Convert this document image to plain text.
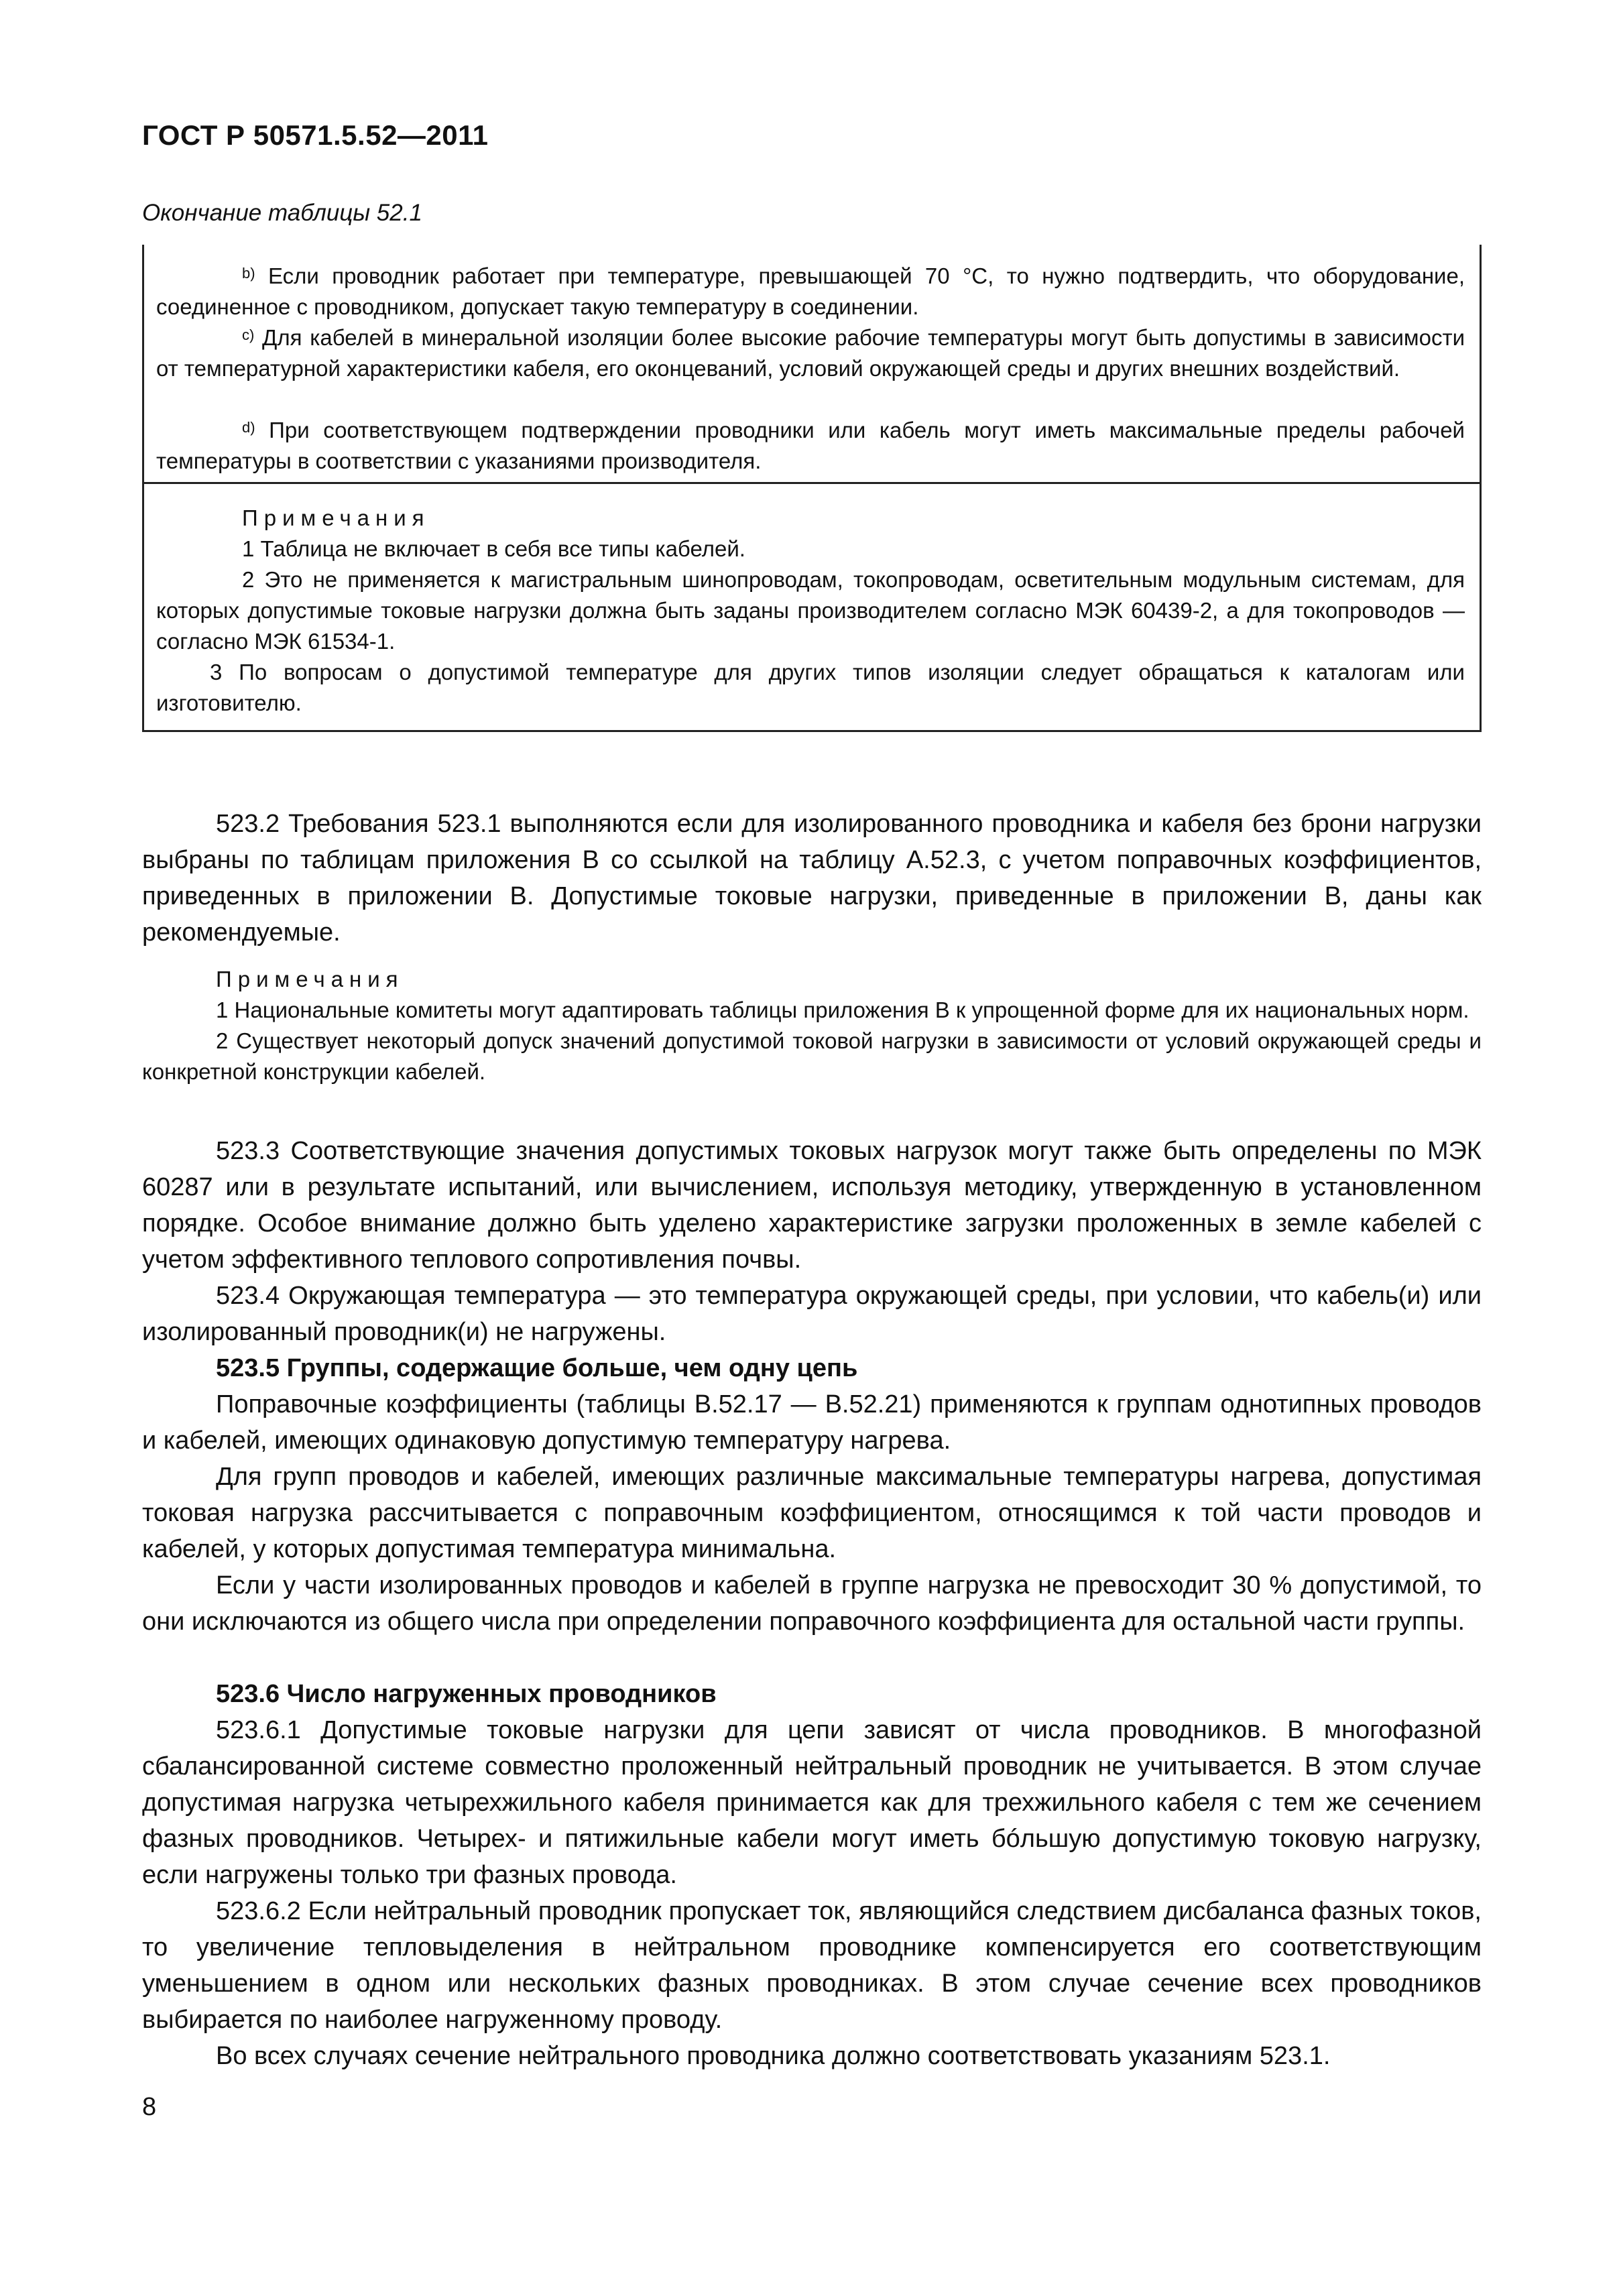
ГОСТ Р 50571.5.52—2011
Окончание таблицы 52.1
$^{b)}$ Если проводник работает при температуре, превышающей 70 °С, то нужно подтвердить, что оборудование, соединенное с проводником, допускает такую температуру в соединении.
$^{c)}$ Для кабелей в минеральной изоляции более высокие рабочие температуры могут быть допустимы в зависимости от температурной характеристики кабеля, его оконцеваний, условий окружающей среды и других внешних воздействий.
$^{d)}$ При соответствующем подтверждении проводники или кабель могут иметь максимальные пределы рабочей температуры в соответствии с указаниями производителя.
Примечания
1 Таблица не включает в себя все типы кабелей.
2 Это не применяется к магистральным шинопроводам, токопроводам, осветительным модульным системам, для которых допустимые токовые нагрузки должна быть заданы производителем согласно МЭК 60439-2, а для токопроводов — согласно МЭК 61534-1.
3 По вопросам о допустимой температуре для других типов изоляции следует обращаться к каталогам или изготовителю.
523.2 Требования 523.1 выполняются если для изолированного проводника и кабеля без брони нагрузки выбраны по таблицам приложения В со ссылкой на таблицу А.52.3, с учетом поправочных коэффициентов, приведенных в приложении В. Допустимые токовые нагрузки, приведенные в приложении В, даны как рекомендуемые.
Примечания
1 Национальные комитеты могут адаптировать таблицы приложения В к упрощенной форме для их национальных норм.
2 Существует некоторый допуск значений допустимой токовой нагрузки в зависимости от условий окружающей среды и конкретной конструкции кабелей.
523.3 Соответствующие значения допустимых токовых нагрузок могут также быть определены по МЭК 60287 или в результате испытаний, или вычислением, используя методику, утвержденную в установленном порядке. Особое внимание должно быть уделено характеристике загрузки проложенных в земле кабелей с учетом эффективного теплового сопротивления почвы.
523.4 Окружающая температура — это температура окружающей среды, при условии, что кабель(и) или изолированный проводник(и) не нагружены.
523.5 Группы, содержащие больше, чем одну цепь
Поправочные коэффициенты (таблицы В.52.17 — В.52.21) применяются к группам однотипных проводов и кабелей, имеющих одинаковую допустимую температуру нагрева.
Для групп проводов и кабелей, имеющих различные максимальные температуры нагрева, допустимая токовая нагрузка рассчитывается с поправочным коэффициентом, относящимся к той части проводов и кабелей, у которых допустимая температура минимальна.
Если у части изолированных проводов и кабелей в группе нагрузка не превосходит 30 % допустимой, то они исключаются из общего числа при определении поправочного коэффициента для остальной части группы.
523.6 Число нагруженных проводников
523.6.1 Допустимые токовые нагрузки для цепи зависят от числа проводников. В многофазной сбалансированной системе совместно проложенный нейтральный проводник не учитывается. В этом случае допустимая нагрузка четырехжильного кабеля принимается как для трехжильного кабеля с тем же сечением фазных проводников. Четырех- и пятижильные кабели могут иметь бóльшую допустимую токовую нагрузку, если нагружены только три фазных провода.
523.6.2 Если нейтральный проводник пропускает ток, являющийся следствием дисбаланса фазных токов, то увеличение тепловыделения в нейтральном проводнике компенсируется его соответствующим уменьшением в одном или нескольких фазных проводниках. В этом случае сечение всех проводников выбирается по наиболее нагруженному проводу.
Во всех случаях сечение нейтрального проводника должно соответствовать указаниям 523.1.
8
